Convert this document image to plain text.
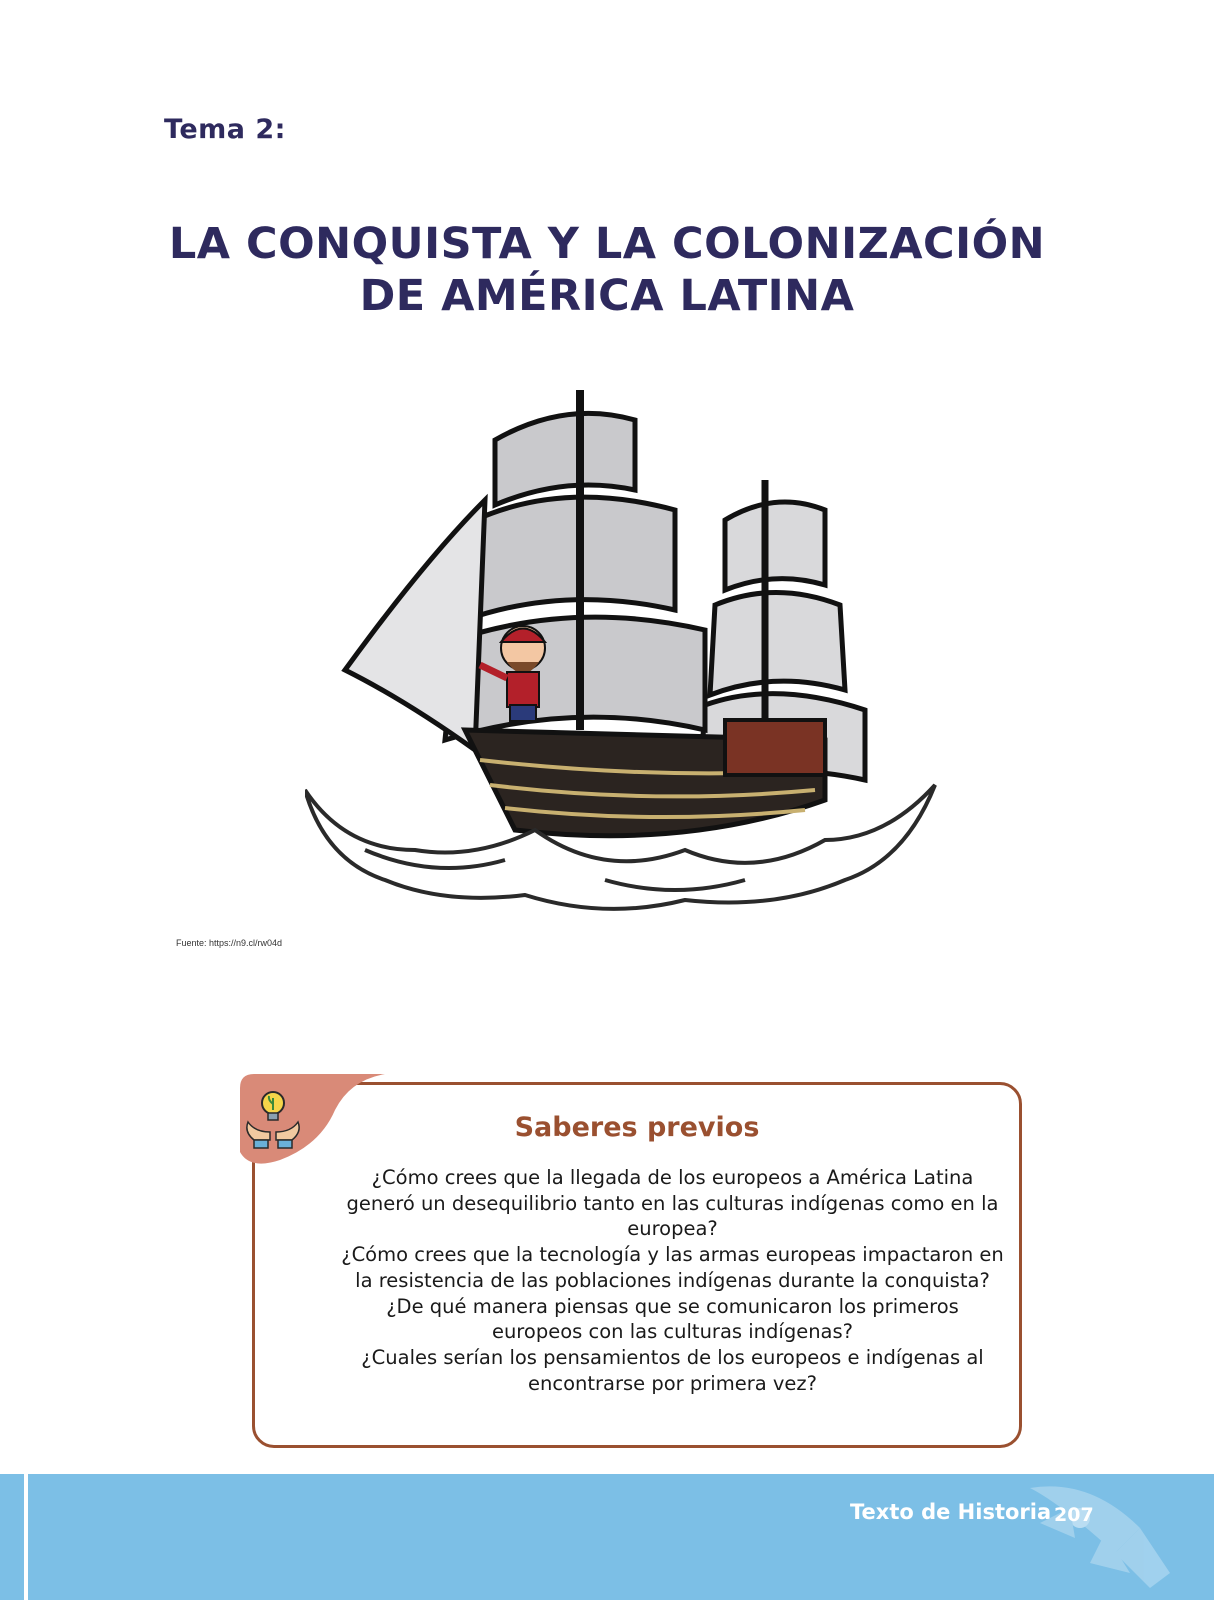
Tema 2:
LA CONQUISTA Y LA COLONIZACIÓN
DE AMÉRICA LATINA
Fuente: https://n9.cl/rw04d
Saberes previos

¿Cómo crees que la llegada de los europeos a América Latina generó un desequilibrio tanto en las culturas indígenas como en la europea?

¿Cómo crees que la tecnología y las armas europeas impactaron en la resistencia de las poblaciones indígenas durante la conquista?

¿De qué manera piensas que se comunicaron los primeros europeos con las culturas indígenas?

¿Cuales serían los pensamientos de los europeos e indígenas al encontrarse por primera vez?

Texto de Historia 207
